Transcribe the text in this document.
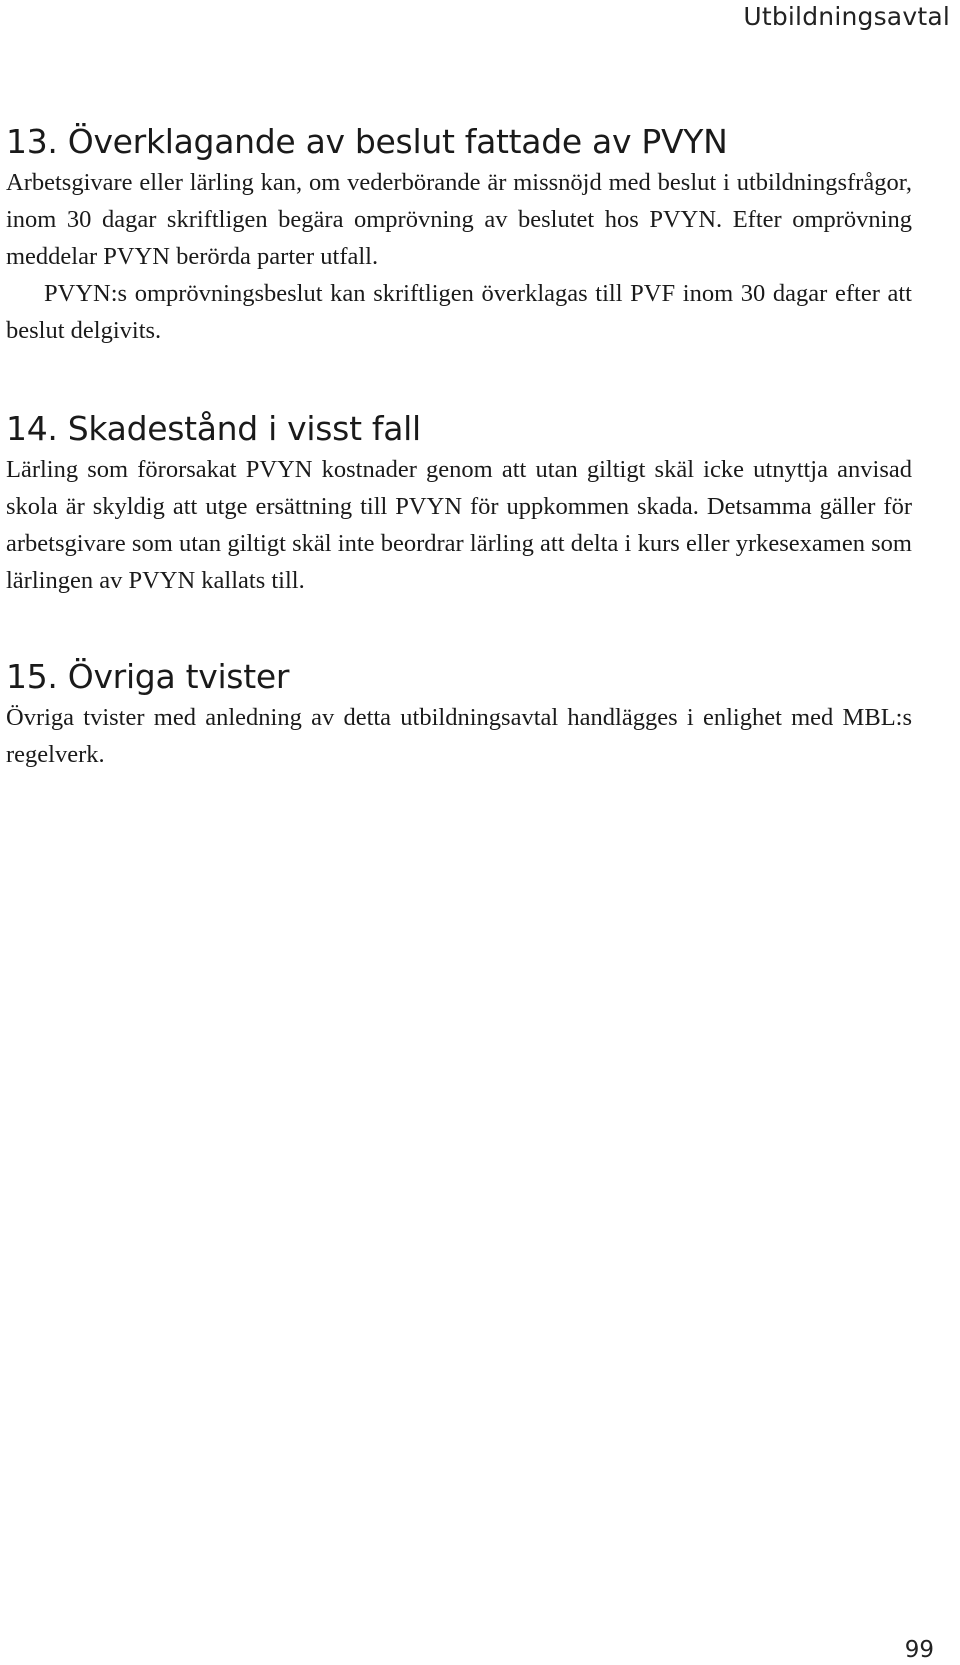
Utbildningsavtal
13. Överklagande av beslut fattade av PVYN

Arbetsgivare eller lärling kan, om vederbörande är missnöjd med beslut i utbildningsfrågor, inom 30 dagar skriftligen begära omprövning av beslutet hos PVYN. Efter omprövning meddelar PVYN berörda parter utfall.

PVYN:s omprövningsbeslut kan skriftligen överklagas till PVF inom 30 dagar efter att beslut delgivits.

14. Skadestånd i visst fall

Lärling som förorsakat PVYN kostnader genom att utan giltigt skäl icke utnyttja anvisad skola är skyldig att utge ersättning till PVYN för uppkommen skada. Detsamma gäller för arbetsgivare som utan giltigt skäl inte beordrar lärling att delta i kurs eller yrkesexamen som lärlingen av PVYN kallats till.

15. Övriga tvister

Övriga tvister med anledning av detta utbildningsavtal handlägges i enlighet med MBL:s regelverk.

99
